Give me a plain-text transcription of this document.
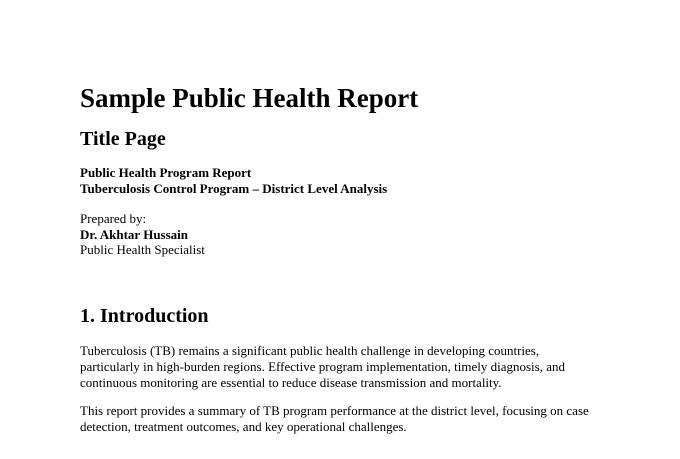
Sample Public Health Report
Title Page
Public Health Program Report
Tuberculosis Control Program – District Level Analysis
Prepared by:
Dr. Akhtar Hussain
Public Health Specialist
1. Introduction
Tuberculosis (TB) remains a significant public health challenge in developing countries, particularly in high-burden regions. Effective program implementation, timely diagnosis, and continuous monitoring are essential to reduce disease transmission and mortality.
This report provides a summary of TB program performance at the district level, focusing on case detection, treatment outcomes, and key operational challenges.
